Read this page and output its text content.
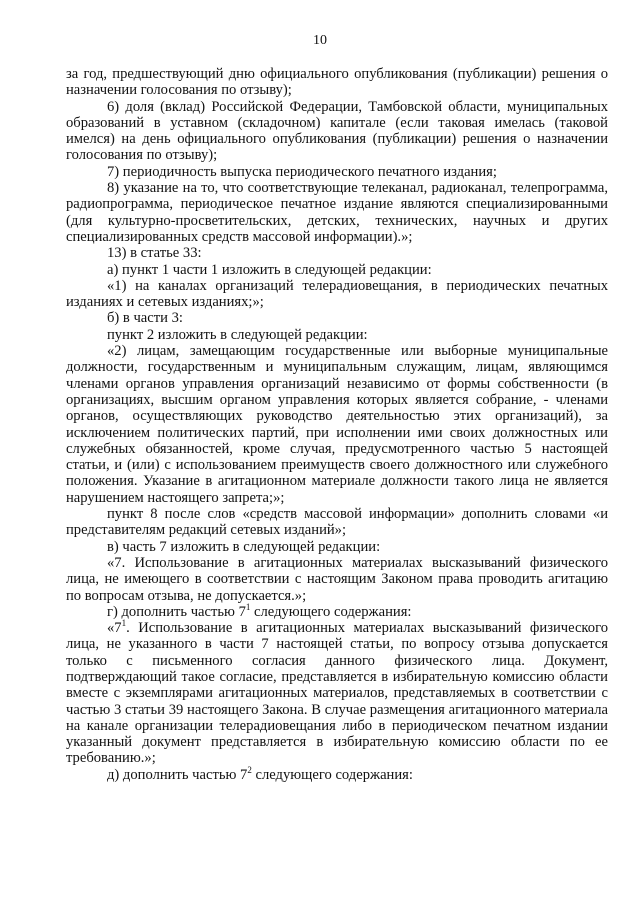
10

за год, предшествующий дню официального опубликования (публикации) решения о назначении голосования по отзыву);

6) доля (вклад) Российской Федерации, Тамбовской области, муниципальных образований в уставном (складочном) капитале (если таковая имелась (таковой имелся) на день официального опубликования (публикации) решения о назначении голосования по отзыву);

7) периодичность выпуска периодического печатного издания;

8) указание на то, что соответствующие телеканал, радиоканал, телепрограмма, радиопрограмма, периодическое печатное издание являются специализированными (для культурно-просветительских, детских, технических, научных и других специализированных средств массовой информации).»;

13) в статье 33:

а) пункт 1 части 1 изложить в следующей редакции:

«1) на каналах организаций телерадиовещания, в периодических печатных изданиях и сетевых изданиях;»;

б) в части 3:

пункт 2 изложить в следующей редакции:

«2) лицам, замещающим государственные или выборные муниципальные должности, государственным и муниципальным служащим, лицам, являющимся членами органов управления организаций независимо от формы собственности (в организациях, высшим органом управления которых является собрание, - членами органов, осуществляющих руководство деятельностью этих организаций), за исключением политических партий, при исполнении ими своих должностных или служебных обязанностей, кроме случая, предусмотренного частью 5 настоящей статьи, и (или) с использованием преимуществ своего должностного или служебного положения. Указание в агитационном материале должности такого лица не является нарушением настоящего запрета;»;

пункт 8 после слов «средств массовой информации» дополнить словами «и представителям редакций сетевых изданий»;

в) часть 7 изложить в следующей редакции:

«7. Использование в агитационных материалах высказываний физического лица, не имеющего в соответствии с настоящим Законом права проводить агитацию по вопросам отзыва, не допускается.»;

г) дополнить частью $7^1$ следующего содержания:

«$7^1$. Использование в агитационных материалах высказываний физического лица, не указанного в части 7 настоящей статьи, по вопросу отзыва допускается только с письменного согласия данного физического лица. Документ, подтверждающий такое согласие, представляется в избирательную комиссию области вместе с экземплярами агитационных материалов, представляемых в соответствии с частью 3 статьи 39 настоящего Закона. В случае размещения агитационного материала на канале организации телерадиовещания либо в периодическом печатном издании указанный документ представляется в избирательную комиссию области по ее требованию.»;

д) дополнить частью $7^2$ следующего содержания:
